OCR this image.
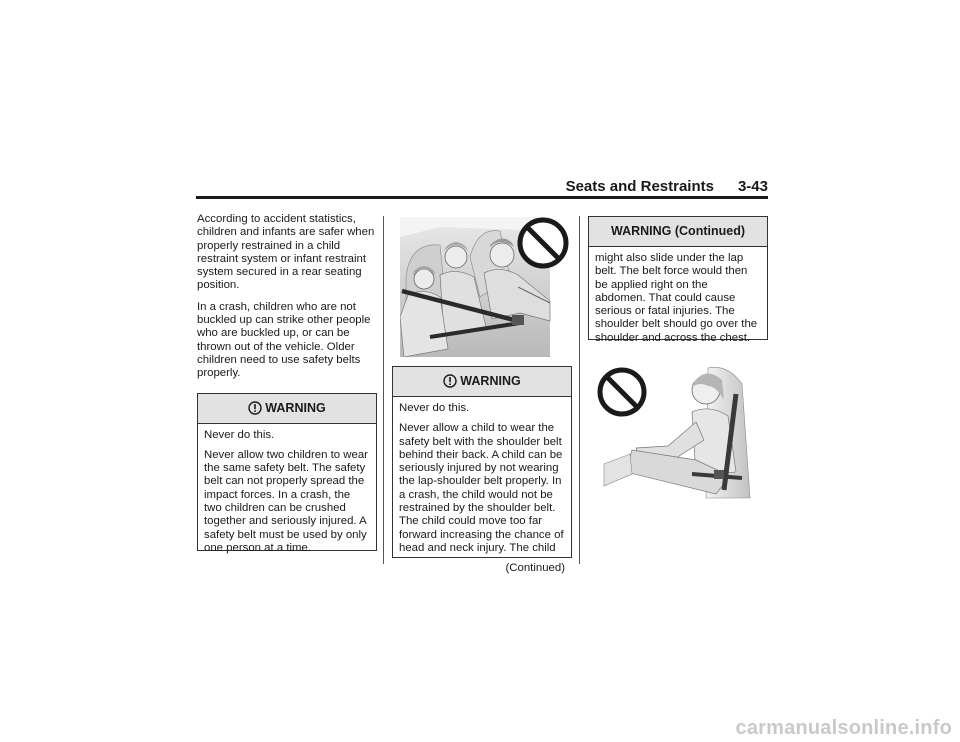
Seats and Restraints 3-43

According to accident statistics, children and infants are safer when properly restrained in a child restraint system or infant restraint system secured in a rear seating position.

In a crash, children who are not buckled up can strike other people who are buckled up, or can be thrown out of the vehicle. Older children need to use safety belts properly.

WARNING

Never do this.

Never allow two children to wear the same safety belt. The safety belt can not properly spread the impact forces. In a crash, the two children can be crushed together and seriously injured. A safety belt must be used by only one person at a time.

WARNING

Never do this.

Never allow a child to wear the safety belt with the shoulder belt behind their back. A child can be seriously injured by not wearing the lap-shoulder belt properly. In a crash, the child would not be restrained by the shoulder belt. The child could move too far forward increasing the chance of head and neck injury. The child

(Continued)
WARNING (Continued)

might also slide under the lap belt. The belt force would then be applied right on the abdomen. That could cause serious or fatal injuries. The shoulder belt should go over the shoulder and across the chest.

carmanualsonline.info
